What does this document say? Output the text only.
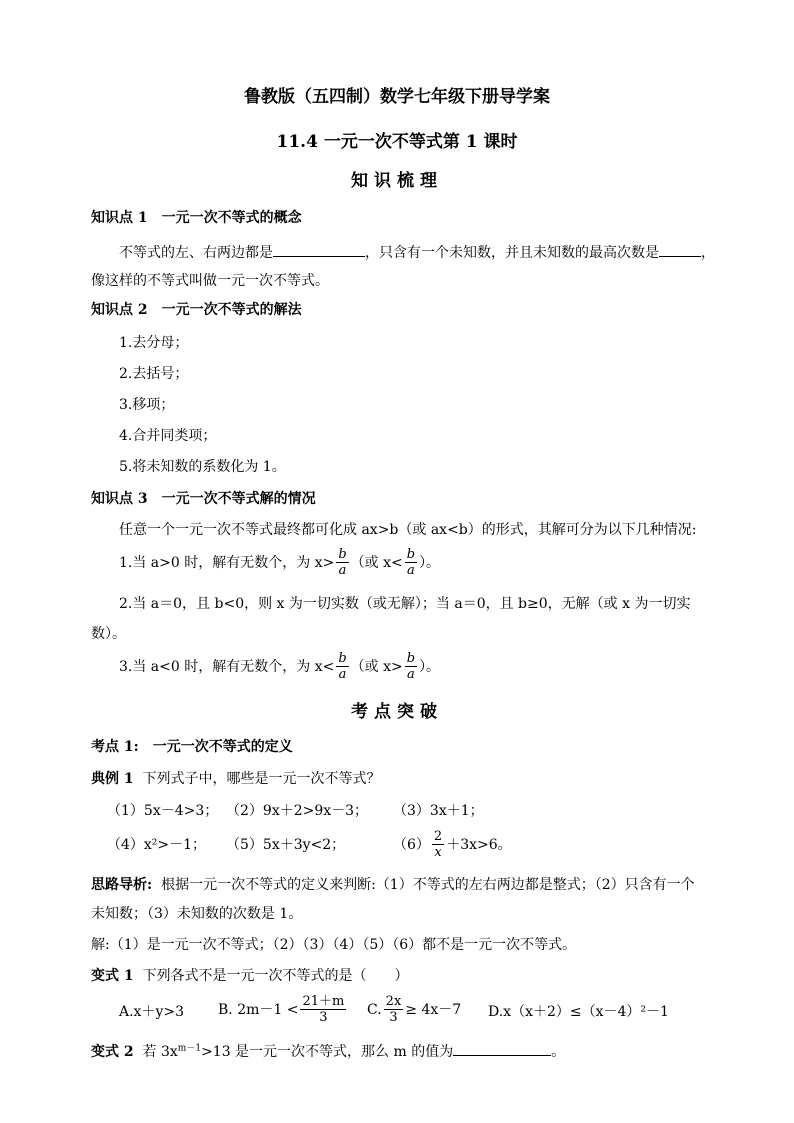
鲁教版（五四制）数学七年级下册导学案
11.4 一元一次不等式第 1 课时
知识梳理
知识点 1　一元一次不等式的概念
不等式的左、右两边都是	，只含有一个未知数，并且未知数的最高次数是	，
像这样的不等式叫做一元一次不等式。
知识点 2　一元一次不等式的解法
1.去分母；
2.去括号；
3.移项；
4.合并同类项；
5.将未知数的系数化为 1。
知识点 3　一元一次不等式解的情况
任意一个一元一次不等式最终都可化成 ax>b（或 ax<b）的形式，其解可分为以下几种情况:
1.当 a>0 时，解有无数个，为 $x> \frac{b}{a}$ （或 $x< \frac{b}{a}$ ）。
2.当 a＝0，且 b<0，则 x 为一切实数（或无解）；当 a＝0，且 b≥0，无解（或 x 为一切实
数）。
3.当 a<0 时，解有无数个，为 $x< \frac{b}{a}$ （或 $x> \frac{b}{a}$ ）。
考点突破
考点 1:　一元一次不等式的定义
典例 1 下列式子中，哪些是一元一次不等式？
（1）5x－4>3； （2）9x＋2>9x－3； （3）3x＋1；
（4）x²>－1； （5）5x＋3y<2；	$(6) \frac{2}{x} +3x>6$。
思路导析: 根据一元一次不等式的定义来判断:（1）不等式的左右两边都是整式；（2）只含有一个
未知数；（3）未知数的次数是 1。
解:（1）是一元一次不等式；（2）（3）（4）（5）（6）都不是一元一次不等式。
变式 1 下列各式不是一元一次不等式的是（　　）
A.x＋y>3 B. $2m-1 < \frac{21+m}{3} C$. $\frac{2x}{3} \ge 4x-7$ D.x（x＋2）≤（x－4）²－1
变式 2 若 $3x^{m-1}>13$ 是一元一次不等式，那么 m 的值为	。
